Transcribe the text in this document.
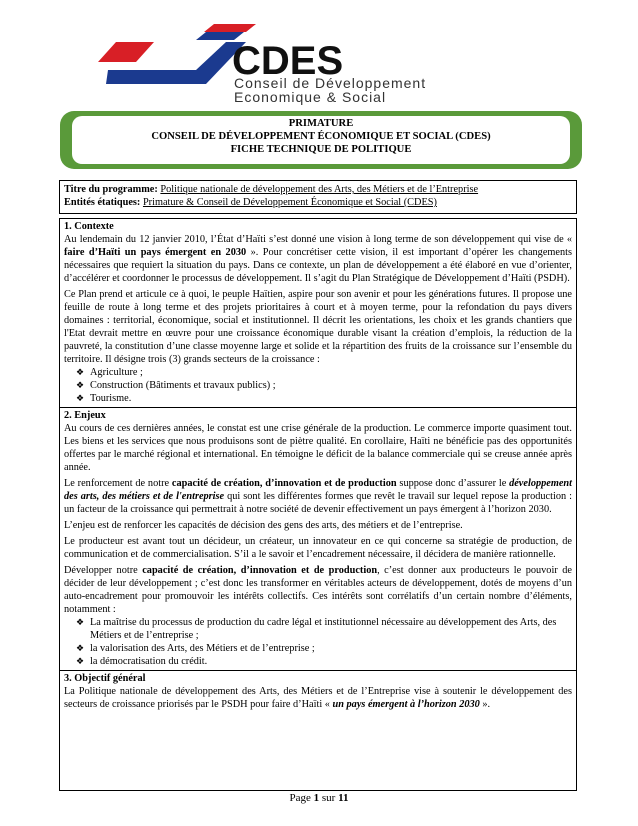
CDES
Conseil de Développement
Economique & Social
PRIMATURE
CONSEIL DE DÉVELOPPEMENT ÉCONOMIQUE ET SOCIAL (CDES)
FICHE TECHNIQUE DE POLITIQUE
Titre du programme: Politique nationale de développement des Arts, des Métiers et de l’Entreprise
Entités étatiques: Primature & Conseil de Développement Économique et Social (CDES)
1. Contexte

Au lendemain du 12 janvier 2010, l’État d’Haïti s’est donné une vision à long terme de son développement qui vise de « faire d’Haïti un pays émergent en 2030 ». Pour concrétiser cette vision, il est important d’opérer les changements nécessaires que requiert la situation du pays. Dans ce contexte, un plan de développement a été élaboré en vue d’orienter, d’accélérer et coordonner le processus de développement. Il s’agit du Plan Stratégique de Développement d’Haïti (PSDH).

Ce Plan prend et articule ce à quoi, le peuple Haïtien, aspire pour son avenir et pour les générations futures. Il propose une feuille de route à long terme et des projets prioritaires à court et à moyen terme, pour la refondation du pays divers domaines : territorial, économique, social et institutionnel. Il décrit les orientations, les choix et les grands chantiers que l'Etat devrait mettre en œuvre pour une croissance économique durable visant la création d’emplois, la réduction de la pauvreté, la constitution d’une classe moyenne large et solide et la répartition des fruits de la croissance sur l’ensemble du territoire. Il désigne trois (3) grands secteurs de la croissance :

❖ Agriculture ;
❖ Construction (Bâtiments et travaux publics) ;
❖ Tourisme.
2. Enjeux

Au cours de ces dernières années, le constat est une crise générale de la production. Le commerce importe quasiment tout. Les biens et les services que nous produisons sont de piètre qualité. En corollaire, Haïti ne bénéficie pas des opportunités offertes par le marché régional et international. En témoigne le déficit de la balance commerciale qui se creuse année après année.

Le renforcement de notre capacité de création, d’innovation et de production suppose donc d’assurer le développement des arts, des métiers et de l'entreprise qui sont les différentes formes que revêt le travail sur lequel repose la production : un facteur de la croissance qui permettrait à notre société de devenir effectivement un pays émergent à l’horizon 2030.

L’enjeu est de renforcer les capacités de décision des gens des arts, des métiers et de l’entreprise.

Le producteur est avant tout un décideur, un créateur, un innovateur en ce qui concerne sa stratégie de production, de communication et de commercialisation. S’il a le savoir et l’encadrement nécessaire, il décidera de manière rationnelle.

Développer notre capacité de création, d’innovation et de production, c’est donner aux producteurs le pouvoir de décider de leur développement ; c’est donc les transformer en véritables acteurs de développement, dotés de moyens d’un auto-encadrement pour promouvoir les intérêts collectifs. Ces intérêts sont corrélatifs d’un certain nombre d’éléments, notamment :

❖ La maîtrise du processus de production du cadre légal et institutionnel nécessaire au développement des Arts, des Métiers et de l’entreprise ;
❖ la valorisation des Arts, des Métiers et de l’entreprise ;
❖ la démocratisation du crédit.
3. Objectif général

La Politique nationale de développement des Arts, des Métiers et de l’Entreprise vise à soutenir le développement des secteurs de croissance priorisés par le PSDH pour faire d’Haïti « un pays émergent à l’horizon 2030 ».

Page 1 sur 11
